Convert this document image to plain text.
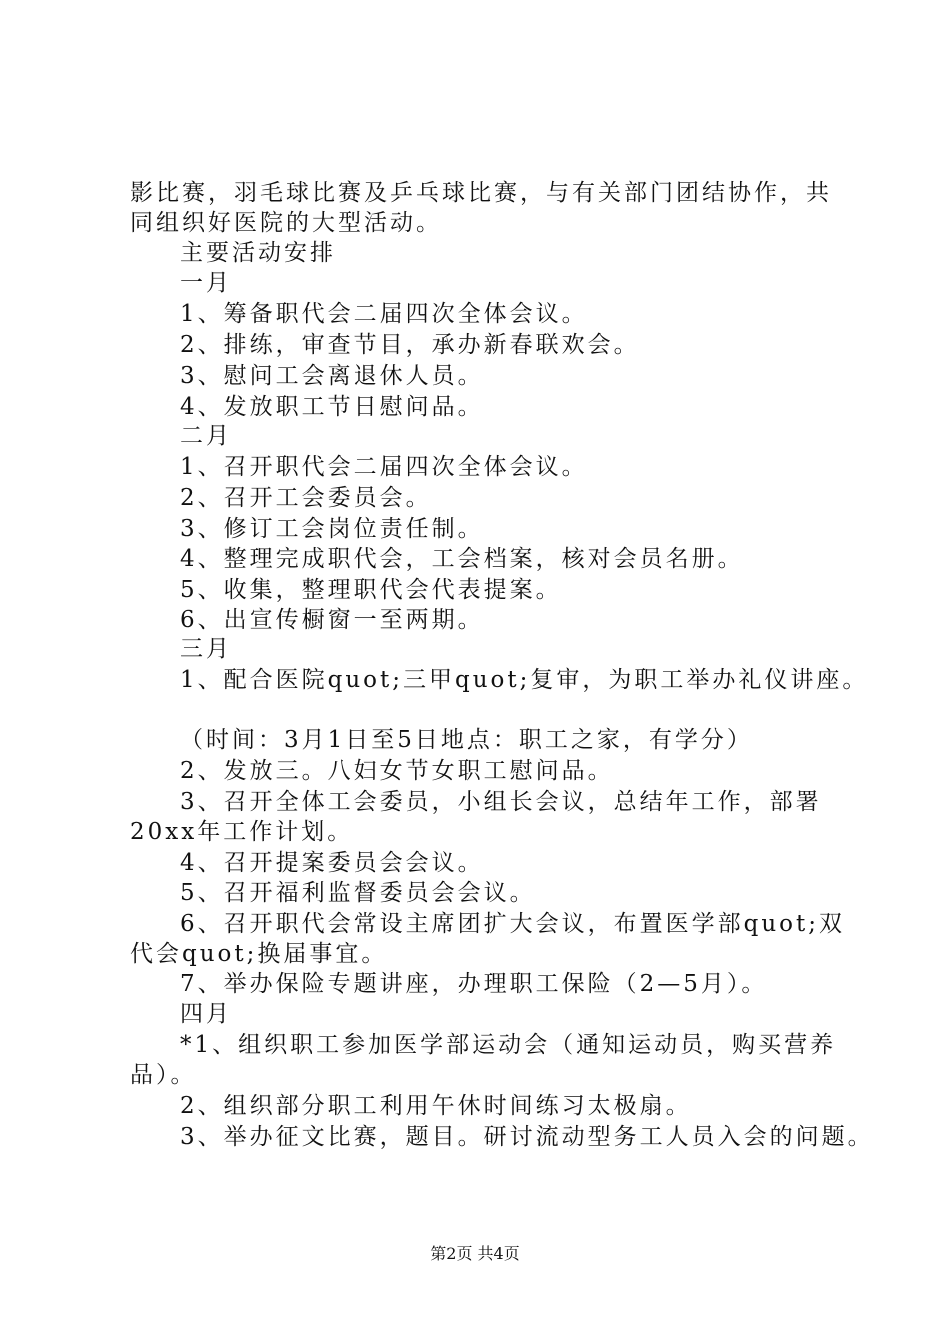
影比赛，羽毛球比赛及乒乓球比赛，与有关部门团结协作，共
同组织好医院的大型活动。
主要活动安排
一月
1、筹备职代会二届四次全体会议。
2、排练，审查节目，承办新春联欢会。
3、慰问工会离退休人员。
4、发放职工节日慰问品。
二月
1、召开职代会二届四次全体会议。
2、召开工会委员会。
3、修订工会岗位责任制。
4、整理完成职代会，工会档案，核对会员名册。
5、收集，整理职代会代表提案。
6、出宣传橱窗一至两期。
三月
1、配合医院quot;三甲quot;复审，为职工举办礼仪讲座。
（时间：3月1日至5日地点：职工之家，有学分）
2、发放三。八妇女节女职工慰问品。
3、召开全体工会委员，小组长会议，总结年工作，部署
20xx年工作计划。
4、召开提案委员会会议。
5、召开福利监督委员会会议。
6、召开职代会常设主席团扩大会议，布置医学部quot;双
代会quot;换届事宜。
7、举办保险专题讲座，办理职工保险（2—5月）。
四月
*1、组织职工参加医学部运动会（通知运动员，购买营养
品）。
2、组织部分职工利用午休时间练习太极扇。
3、举办征文比赛，题目。研讨流动型务工人员入会的问题。
第2页 共4页
